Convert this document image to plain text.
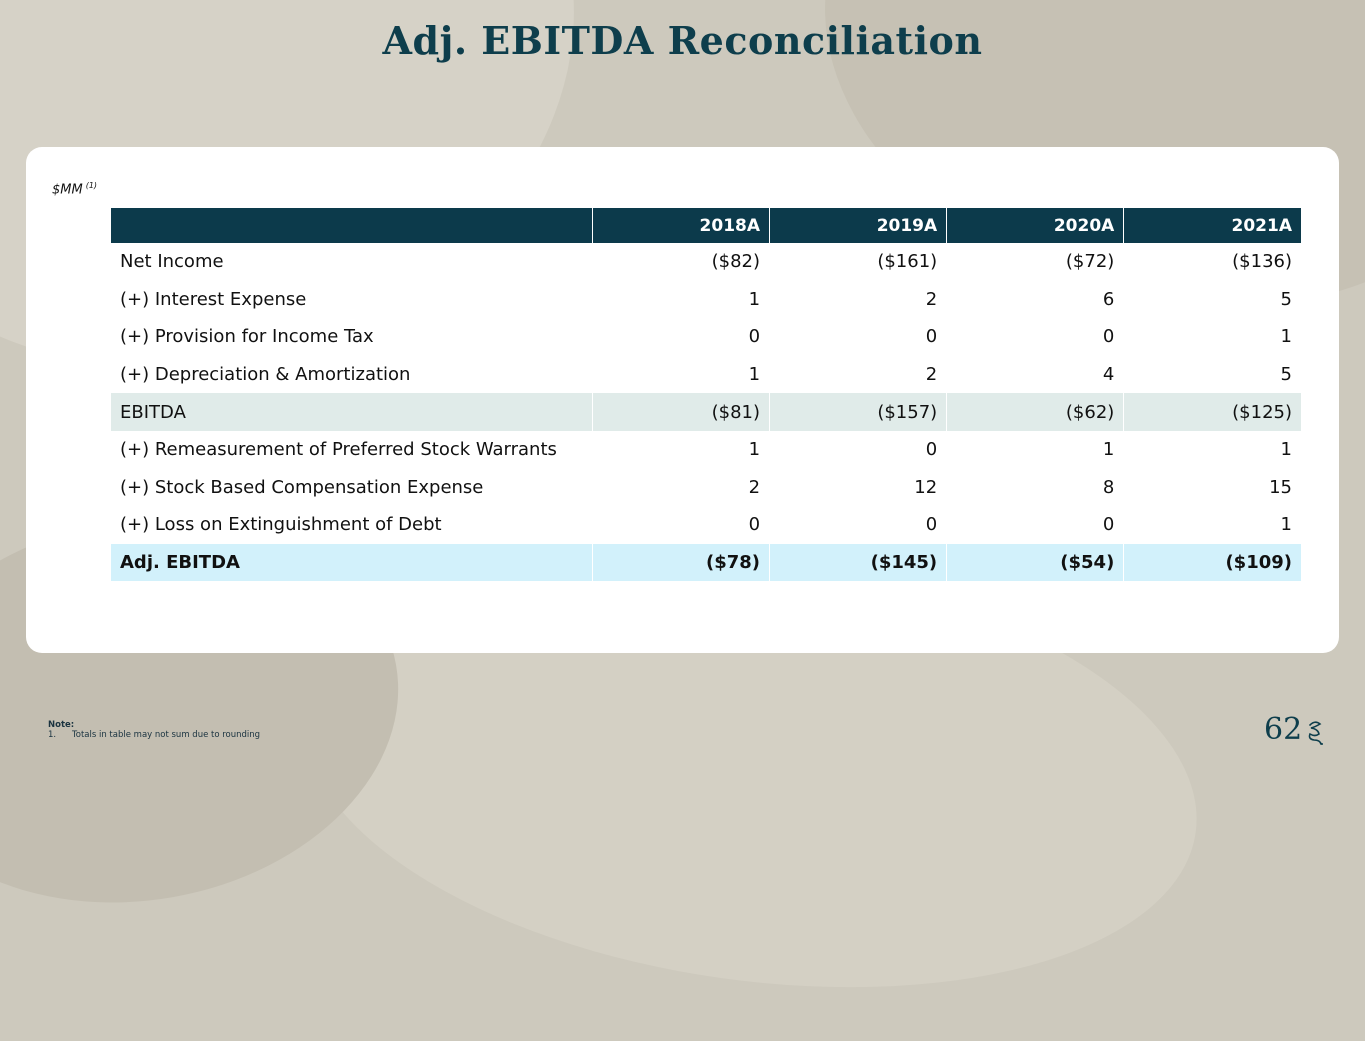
Adj. EBITDA Reconciliation
$MM $^{(1)}$
	2018A	2019A	2020A	2021A
Net Income	($82)	($161)	($72)	($136)
(+) Interest Expense	1	2	6	5
(+) Provision for Income Tax	0	0	0	1
(+) Depreciation & Amortization	1	2	4	5
EBITDA	($81)	($157)	($62)	($125)
(+) Remeasurement of Preferred Stock Warrants	1	0	1	1
(+) Stock Based Compensation Expense	2	12	8	15
(+) Loss on Extinguishment of Debt	0	0	0	1
Adj. EBITDA	($78)	($145)	($54)	($109)
Note:
1. Totals in table may not sum due to rounding	62
